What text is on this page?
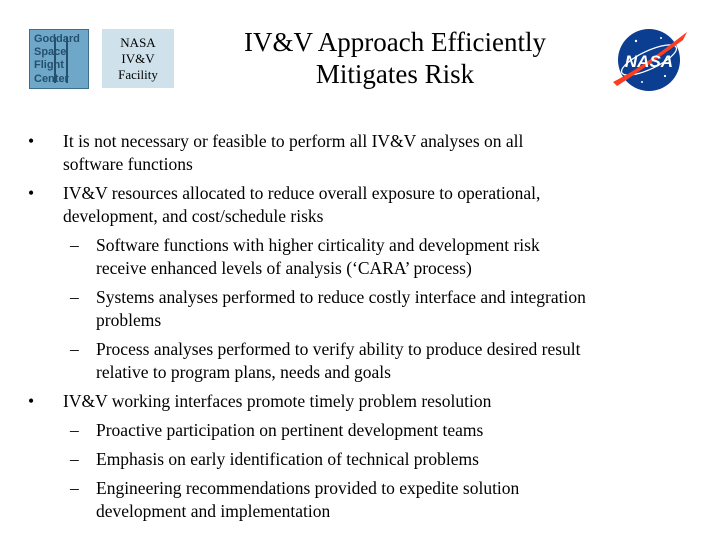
Goddard
Space
Flight
Center
NASA
IV&V
Facility
IV&V Approach Efficiently
Mitigates Risk	NASA
•	It is not necessary or feasible to perform all IV&V analyses on all
software functions
•	IV&V resources allocated to reduce overall exposure to operational,
development, and cost/schedule risks
– Software functions with higher cirticality and development risk
receive enhanced levels of analysis (‘CARA’ process)
– Systems analyses performed to reduce costly interface and integration
problems
– Process analyses performed to verify ability to produce desired result
relative to program plans, needs and goals
•	IV&V working interfaces promote timely problem resolution
– Proactive participation on pertinent development teams
– Emphasis on early identification of technical problems
– Engineering recommendations provided to expedite solution
development and implementation
